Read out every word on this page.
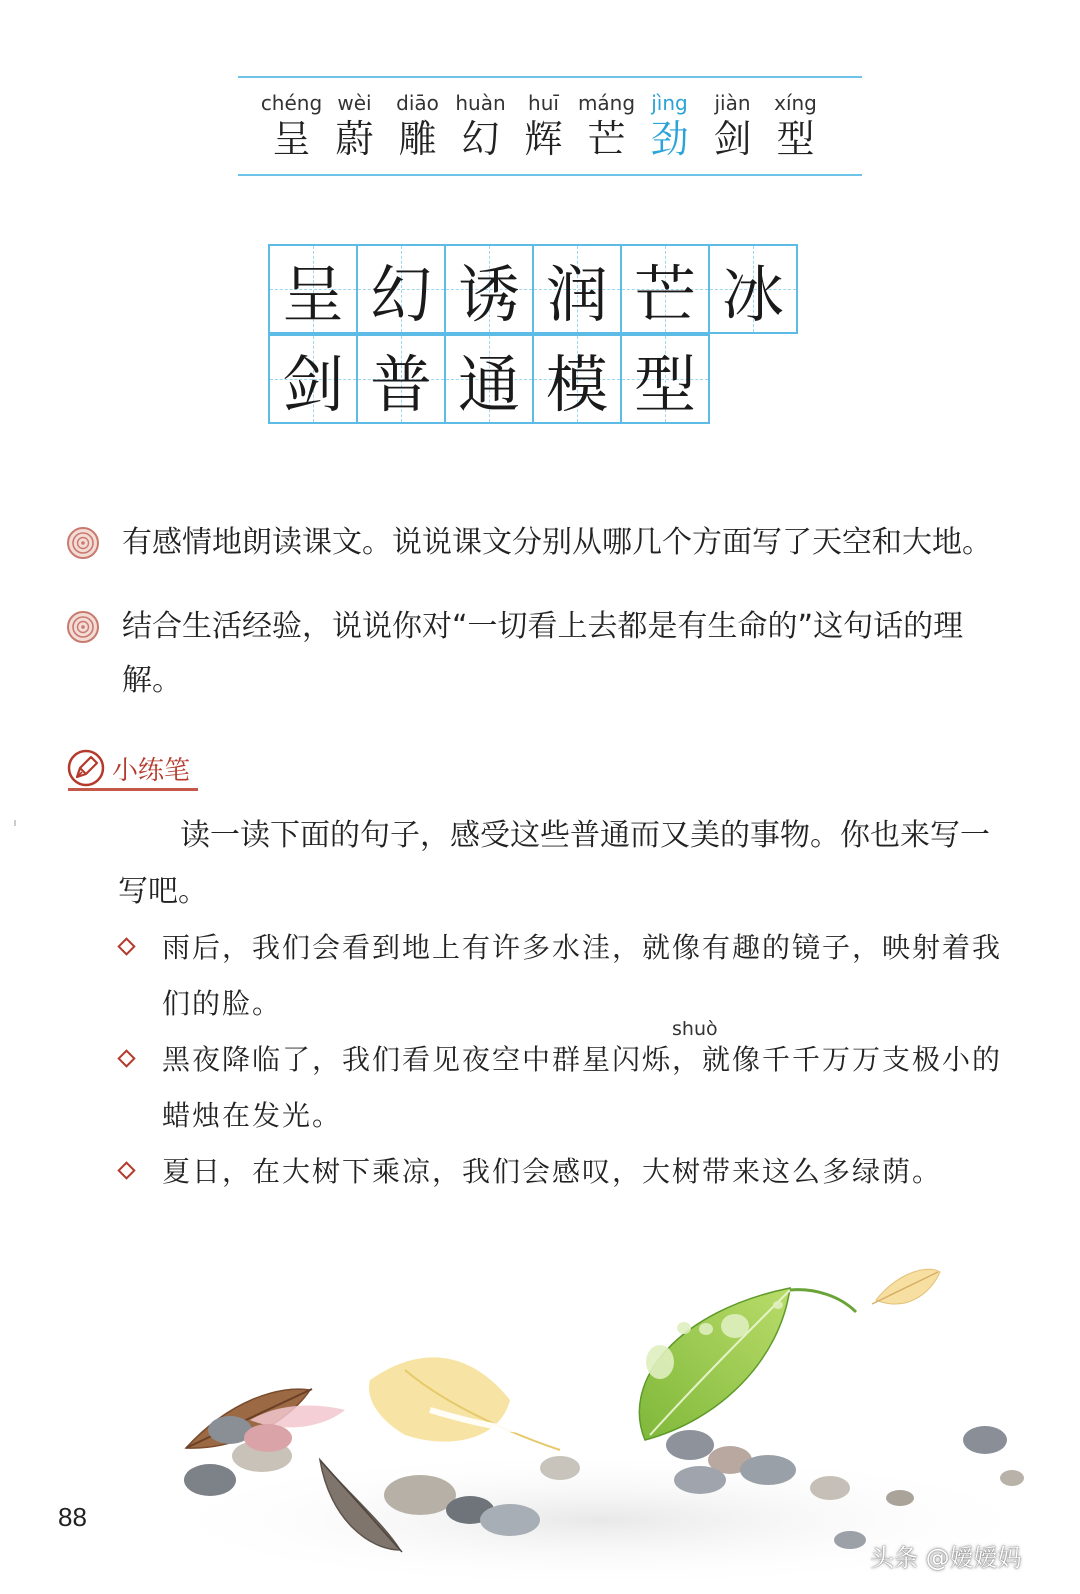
chéng
呈
wèi
蔚
diāo
雕
huàn
幻
huī
辉
máng
芒
jìng
劲
jiàn
剑
xíng
型
呈 幻 诱 润 芒 冰
剑 普 通 模 型
有感情地朗读课文。说说课文分别从哪几个方面写了天空和大地。
结合生活经验，说说你对“一切看上去都是有生命的”这句话的理解。
小练笔
读一读下面的句子，感受这些普通而又美的事物。你也来写一写吧。
雨后，我们会看到地上有许多水洼，就像有趣的镜子，映射着我们的脸。
shuò
黑夜降临了，我们看见夜空中群星闪烁，就像千千万万支极小的蜡烛在发光。
夏日，在大树下乘凉，我们会感叹，大树带来这么多绿荫。
88
头条 @嫒嫒妈
